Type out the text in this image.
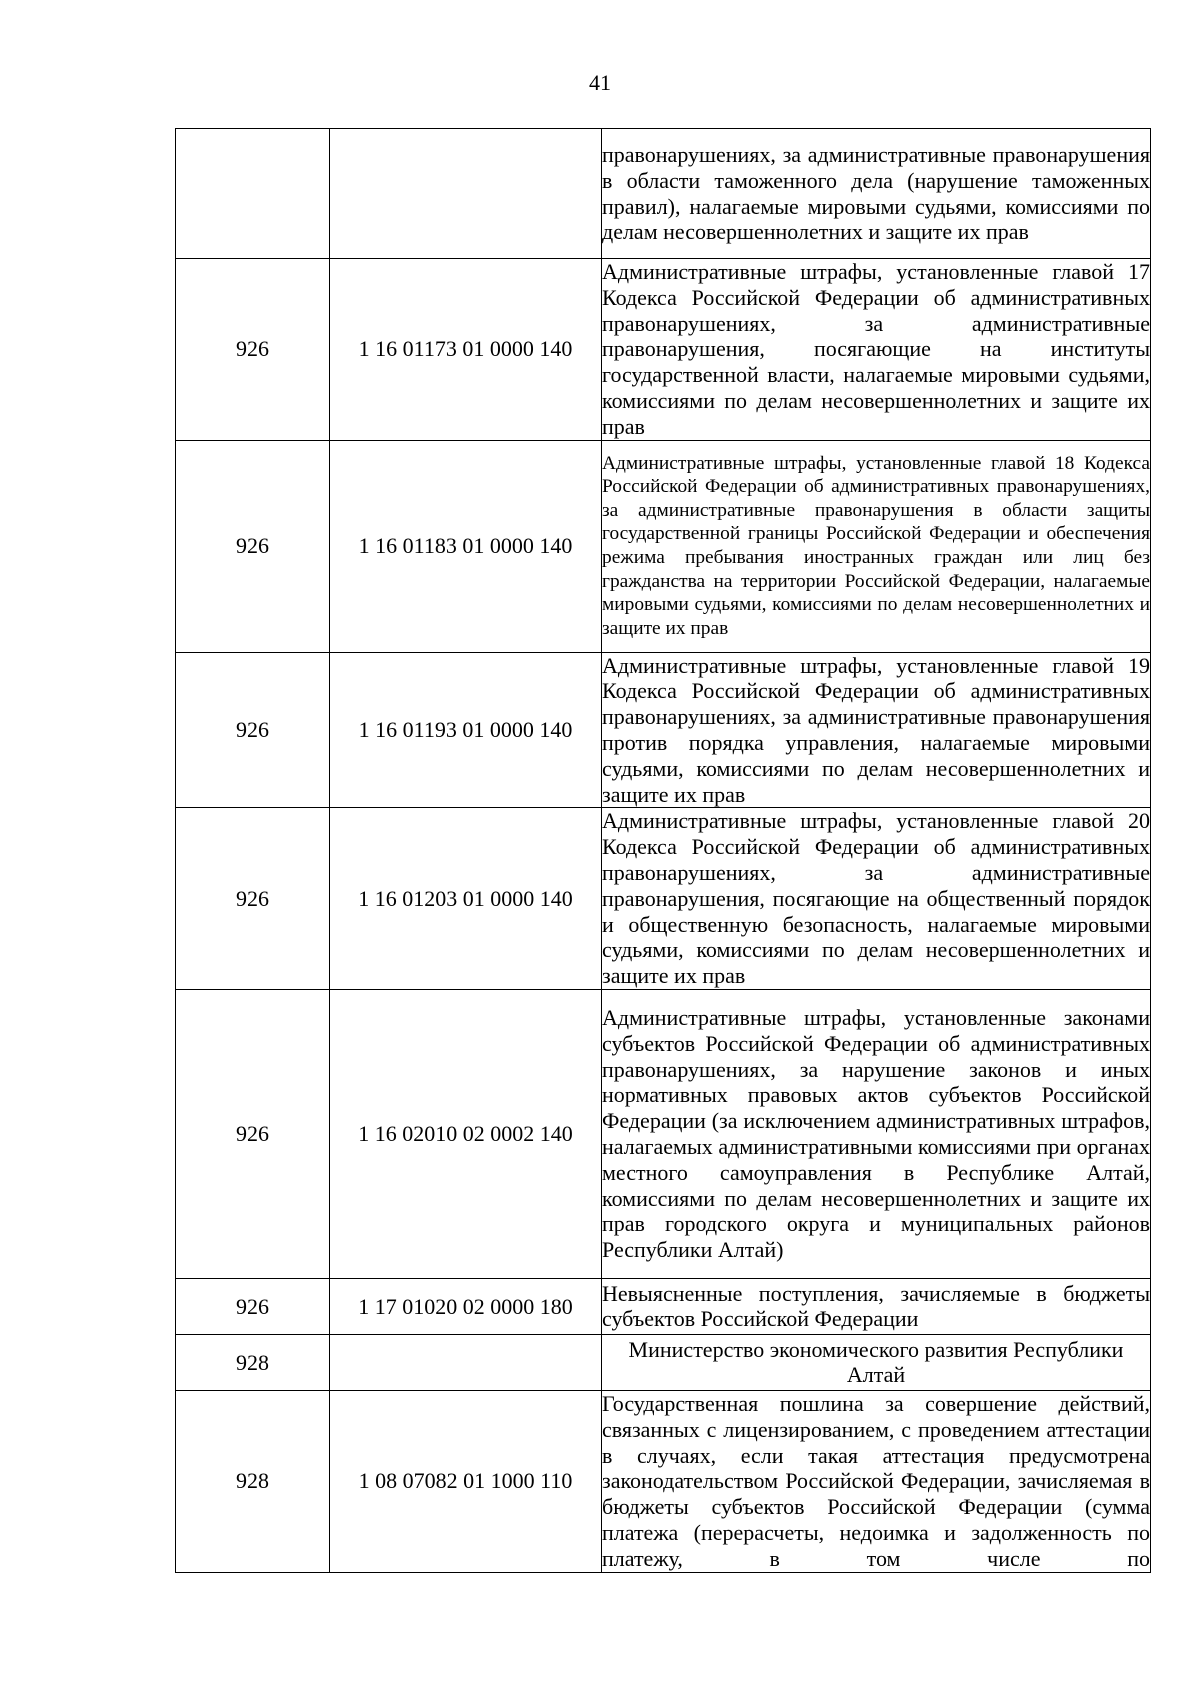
41
		правонарушениях, за административные правонарушения в области таможенного дела (нарушение таможенных правил), налагаемые мировыми судьями, комиссиями по делам несовершеннолетних и защите их прав
926	1 16 01173 01 0000 140	Административные штрафы, установленные главой 17 Кодекса Российской Федерации об административных правонарушениях, за административные правонарушения, посягающие на институты государственной власти, налагаемые мировыми судьями, комиссиями по делам несовершеннолетних и защите их прав
926	1 16 01183 01 0000 140	Административные штрафы, установленные главой 18 Кодекса Российской Федерации об административных правонарушениях, за административные правонарушения в области защиты государственной границы Российской Федерации и обеспечения режима пребывания иностранных граждан или лиц без гражданства на территории Российской Федерации, налагаемые мировыми судьями, комиссиями по делам несовершеннолетних и защите их прав
926	1 16 01193 01 0000 140	Административные штрафы, установленные главой 19 Кодекса Российской Федерации об административных правонарушениях, за административные правонарушения против порядка управления, налагаемые мировыми судьями, комиссиями по делам несовершеннолетних и защите их прав
926	1 16 01203 01 0000 140	Административные штрафы, установленные главой 20 Кодекса Российской Федерации об административных правонарушениях, за административные правонарушения, посягающие на общественный порядок и общественную безопасность, налагаемые мировыми судьями, комиссиями по делам несовершеннолетних и защите их прав
926	1 16 02010 02 0002 140	Административные штрафы, установленные законами субъектов Российской Федерации об административных правонарушениях, за нарушение законов и иных нормативных правовых актов субъектов Российской Федерации (за исключением административных штрафов, налагаемых административными комиссиями при органах местного самоуправления в Республике Алтай, комиссиями по делам несовершеннолетних и защите их прав городского округа и муниципальных районов Республики Алтай)
926	1 17 01020 02 0000 180	Невыясненные поступления, зачисляемые в бюджеты субъектов Российской Федерации
928		Министерство экономического развития Республики Алтай
928	1 08 07082 01 1000 110	Государственная пошлина за совершение действий, связанных с лицензированием, с проведением аттестации в случаях, если такая аттестация предусмотрена законодательством Российской Федерации, зачисляемая в бюджеты субъектов Российской Федерации (сумма платежа (перерасчеты, недоимка и задолженность по платежу, в том числе по
